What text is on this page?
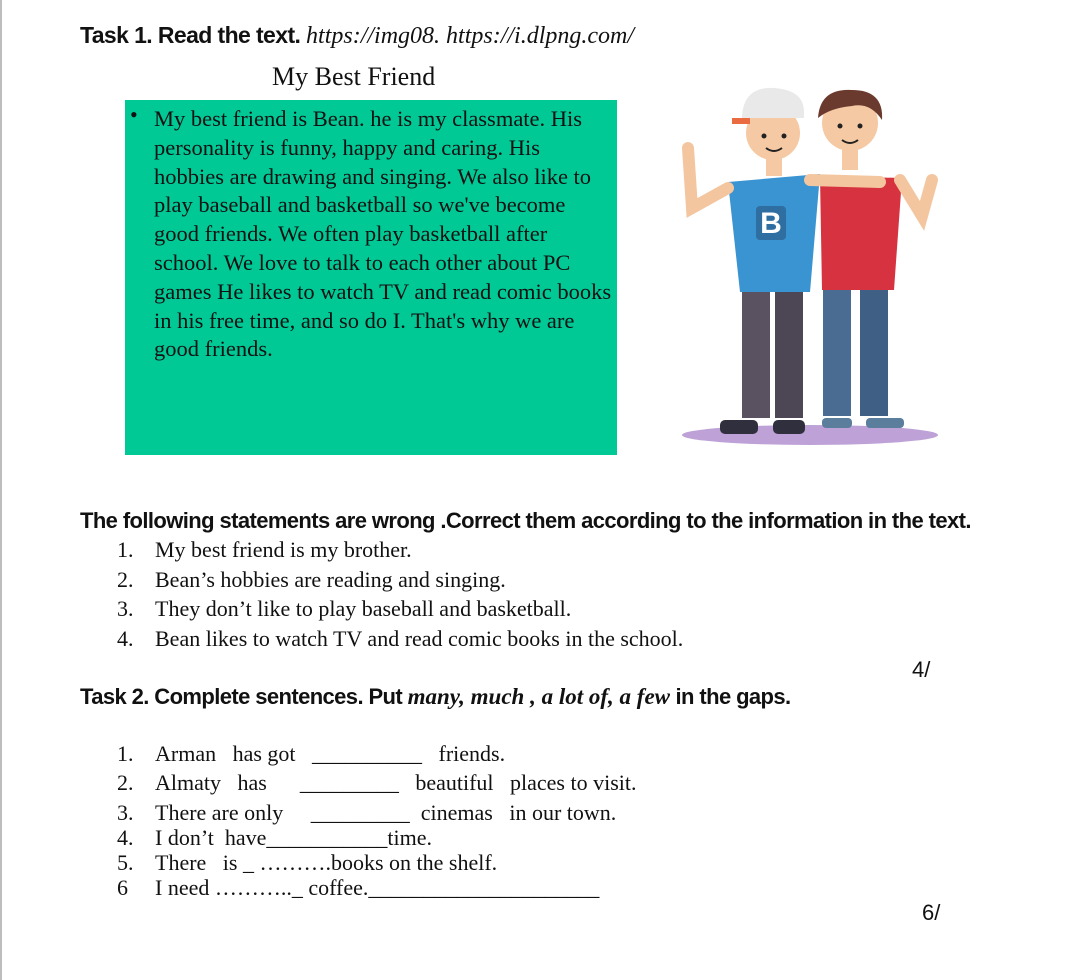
Task 1. Read the text. https://img08. https://i.dlpng.com/
My Best Friend
• My best friend is Bean. he is my classmate. His personality is funny, happy and caring. His hobbies are drawing and singing. We also like to play baseball and basketball so we've become good friends. We often play basketball after school. We love to talk to each other about PC games He likes to watch TV and read comic books in his free time, and so do I. That's why we are good friends.
B
The following statements are wrong .Correct them according to the information in the text.
1. My best friend is my brother.
2. Bean’s hobbies are reading and singing.
3. They don’t like to play baseball and basketball.
4. Bean likes to watch TV and read comic books in the school.
4/
Task 2. Complete sentences. Put many, much , a lot of, a few in the gaps.
1. Arman   has got   __________   friends.
2. Almaty   has      _________   beautiful   places to visit.
3. There are only     _________  cinemas   in our town.
4. I don’t  have___________time.
5. There   is _ ……….books on the shelf.
6 I need ……….._ coffee._____________________
6/
